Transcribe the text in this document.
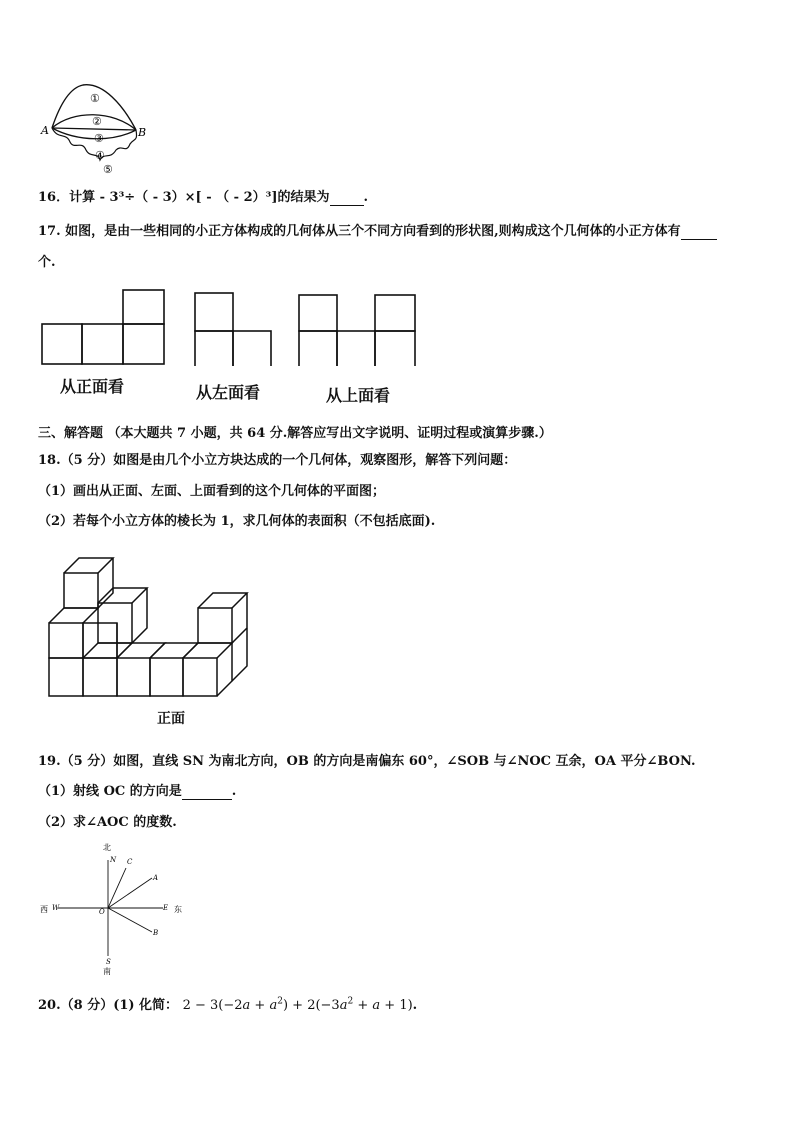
A	B
①
②
③
④
⑤
16．计算 - 3³÷（ - 3）×[ - （ - 2）³]的结果为	.
17. 如图，是由一些相同的小正方体构成的几何体从三个不同方向看到的形状图,则构成这个几何体的小正方体有
个.
从正面看	从左面看	从上面看
三、解答题 （本大题共 7 小题，共 64 分.解答应写出文字说明、证明过程或演算步骤.）
18.（5 分）如图是由几个小立方块达成的一个几何体，观察图形，解答下列问题：
（1）画出从正面、左面、上面看到的这个几何体的平面图；
（2）若每个小立方体的棱长为 1，求几何体的表面积（不包括底面).
正面
19.（5 分）如图，直线 SN 为南北方向，OB 的方向是南偏东 60°，∠SOB 与∠NOC 互余，OA 平分∠BON.
（1）射线 OC 的方向是	.
（2）求∠AOC 的度数.
北
N C
A
西 W	O	E 东
B
S
南
20.（8 分）(1) 化简： $2 - 3(-2a + a^2) + 2(-3a^2 + a + 1)$.
